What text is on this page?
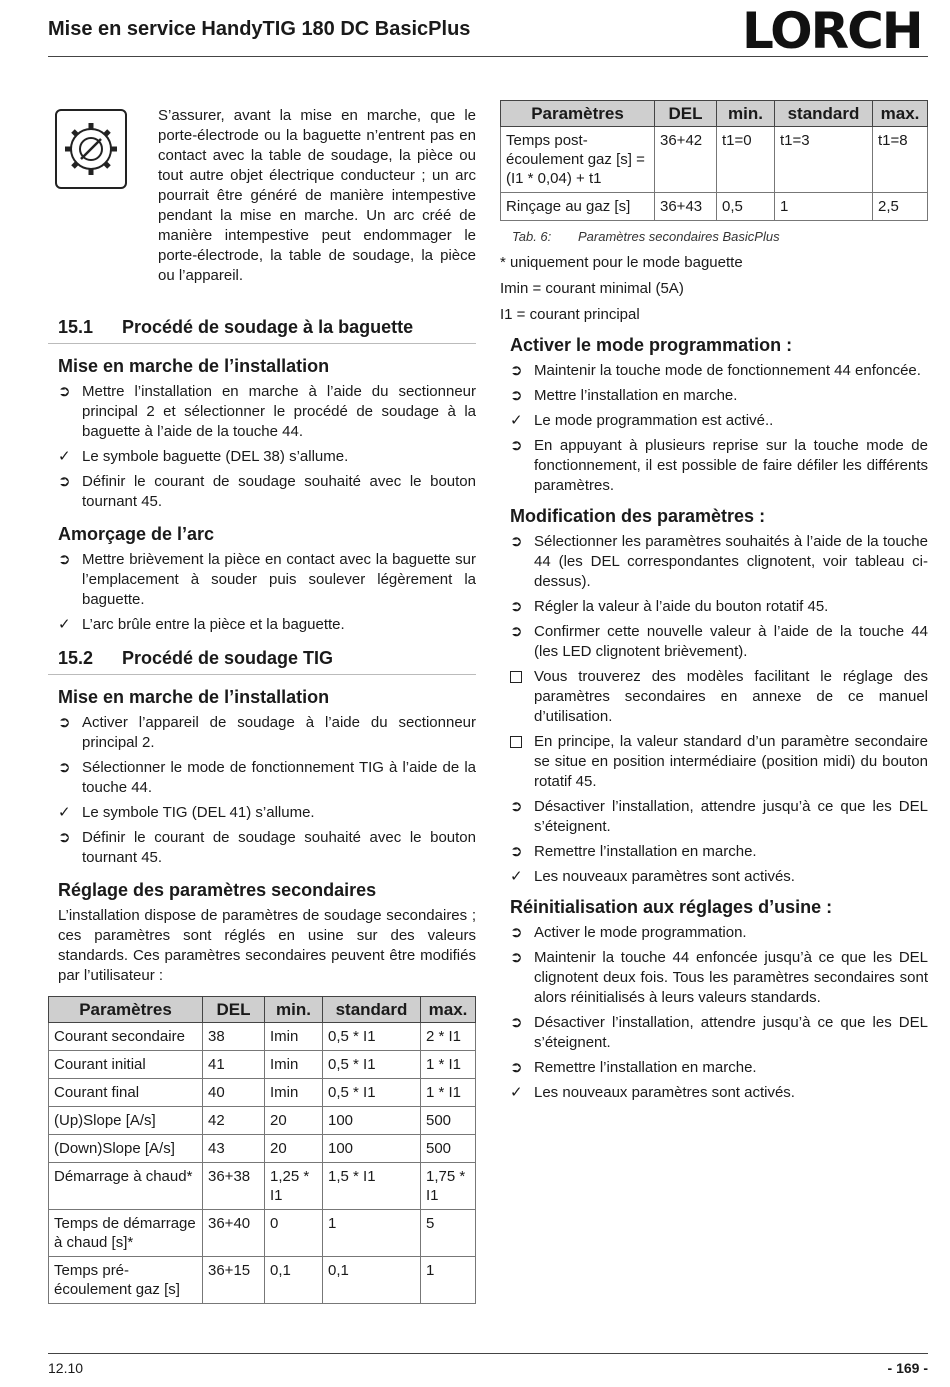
Mise en service HandyTIG 180 DC BasicPlus	LORCH
S’assurer, avant la mise en marche, que le porte-électrode ou la baguette n’entrent pas en contact avec la table de soudage, la pièce ou tout autre objet électrique conducteur ; un arc pourrait être généré de manière intempestive pendant la mise en marche. Un arc créé de manière intempestive peut endommager le porte-électrode, la table de soudage, la pièce ou l’appareil.
15.1	Procédé de soudage à la baguette
Mise en marche de l’installation
➲ Mettre l’installation en marche à l’aide du sectionneur principal 2 et sélectionner le procédé de soudage à la baguette à l’aide de la touche 44.
✓ Le symbole baguette (DEL 38) s’allume.
➲ Définir le courant de soudage souhaité avec le bouton tournant 45.
Amorçage de l’arc
➲ Mettre brièvement la pièce en contact avec la baguette sur l’emplacement à souder puis soulever légèrement la baguette.
✓ L’arc brûle entre la pièce et la baguette.
15.2	Procédé de soudage TIG
Mise en marche de l’installation
➲ Activer l’appareil de soudage à l’aide du sectionneur principal 2.
➲ Sélectionner le mode de fonctionnement TIG à l’aide de la touche 44.
✓ Le symbole TIG (DEL 41) s’allume.
➲ Définir le courant de soudage souhaité avec le bouton tournant 45.
Réglage des paramètres secondaires

L’installation dispose de paramètres de soudage secondaires ; ces paramètres sont réglés en usine sur des valeurs standards. Ces paramètres secondaires peuvent être modifiés par l’utilisateur :

Paramètres	DEL	min.	standard	max.
Courant secondaire	38	Imin	0,5 * I1	2 * I1
Courant initial	41	Imin	0,5 * I1	1 * I1
Courant final	40	Imin	0,5 * I1	1 * I1
(Up)Slope [A/s]	42	20	100	500
(Down)Slope [A/s]	43	20	100	500
Démarrage à chaud*	36+38	1,25 * I1	1,5 * I1	1,75 * I1
Temps de démarrage à chaud [s]*	36+40	0	1	5
Temps pré-écoulement gaz [s]	36+15	0,1	0,1	1
Paramètres	DEL	min.	standard	max.
Temps post-écoulement gaz [s] = (I1 * 0,04) + t1	36+42	t1=0	t1=3	t1=8
Rinçage au gaz [s]	36+43	0,5	1	2,5
Tab. 6: Paramètres secondaires BasicPlus

* uniquement pour le mode baguette

Imin = courant minimal (5A)

I1 = courant principal

Activer le mode programmation :
➲ Maintenir la touche mode de fonctionnement 44 enfoncée.
➲ Mettre l’installation en marche.
✓ Le mode programmation est activé..
➲ En appuyant à plusieurs reprise sur la touche mode de fonctionnement, il est possible de faire défiler les différents paramètres.
Modification des paramètres :
➲ Sélectionner les paramètres souhaités à l’aide de la touche 44 (les DEL correspondantes clignotent, voir tableau ci-dessus).
➲ Régler la valeur à l’aide du bouton rotatif 45.
➲ Confirmer cette nouvelle valeur à l’aide de la touche 44 (les LED clignotent brièvement).
Vous trouverez des modèles facilitant le réglage des paramètres secondaires en annexe de ce manuel d’utilisation.
En principe, la valeur standard d’un paramètre secondaire se situe en position intermédiaire (position midi) du bouton rotatif 45.
➲ Désactiver l’installation, attendre jusqu’à ce que les DEL s’éteignent.
➲ Remettre l’installation en marche.
✓ Les nouveaux paramètres sont activés.
Réinitialisation aux réglages d’usine :
➲ Activer le mode programmation.
➲ Maintenir la touche 44 enfoncée jusqu’à ce que les DEL clignotent deux fois. Tous les paramètres secondaires sont alors réinitialisés à leurs valeurs standards.
➲ Désactiver l’installation, attendre jusqu’à ce que les DEL s’éteignent.
➲ Remettre l’installation en marche.
✓ Les nouveaux paramètres sont activés.
12.10	- 169 -
